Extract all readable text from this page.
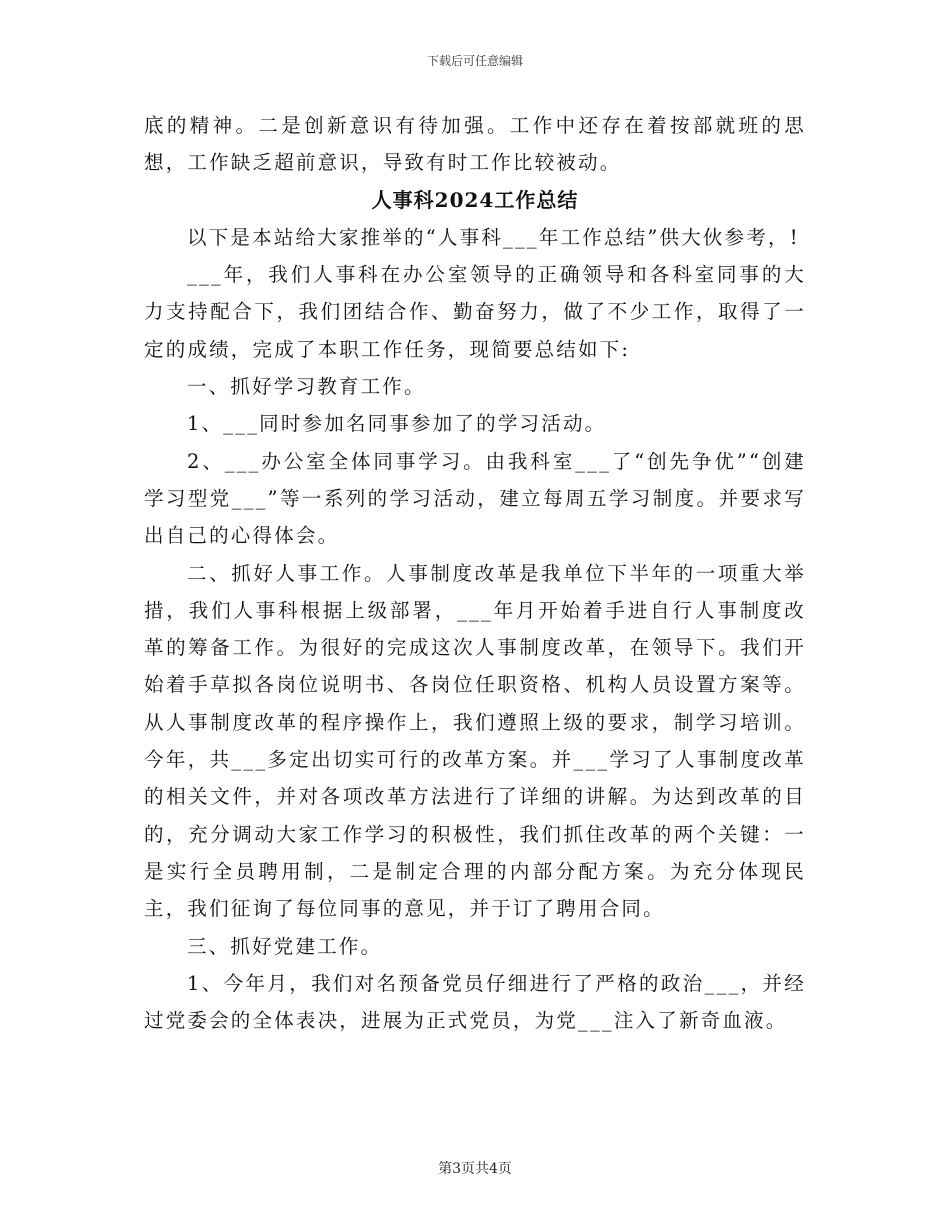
下载后可任意编辑

底的精神。二是创新意识有待加强。工作中还存在着按部就班的思想，工作缺乏超前意识，导致有时工作比较被动。

人事科2024工作总结

以下是本站给大家推举的“人事科___年工作总结”供大伙参考，!

___年，我们人事科在办公室领导的正确领导和各科室同事的大力支持配合下，我们团结合作、勤奋努力，做了不少工作，取得了一定的成绩，完成了本职工作任务，现简要总结如下:

一、抓好学习教育工作。

1、___同时参加名同事参加了的学习活动。

2、___办公室全体同事学习。由我科室___了“创先争优”“创建学习型党___”等一系列的学习活动，建立每周五学习制度。并要求写出自己的心得体会。

二、抓好人事工作。人事制度改革是我单位下半年的一项重大举措，我们人事科根据上级部署，___年月开始着手进自行人事制度改革的筹备工作。为很好的完成这次人事制度改革，在领导下。我们开始着手草拟各岗位说明书、各岗位任职资格、机构人员设置方案等。从人事制度改革的程序操作上，我们遵照上级的要求，制学习培训。今年，共___多定出切实可行的改革方案。并___学习了人事制度改革的相关文件，并对各项改革方法进行了详细的讲解。为达到改革的目的，充分调动大家工作学习的积极性，我们抓住改革的两个关键：一是实行全员聘用制，二是制定合理的内部分配方案。为充分体现民主，我们征询了每位同事的意见，并于订了聘用合同。

三、抓好党建工作。

1、今年月，我们对名预备党员仔细进行了严格的政治___，并经过党委会的全体表决，进展为正式党员，为党___注入了新奇血液。

第3页共4页
